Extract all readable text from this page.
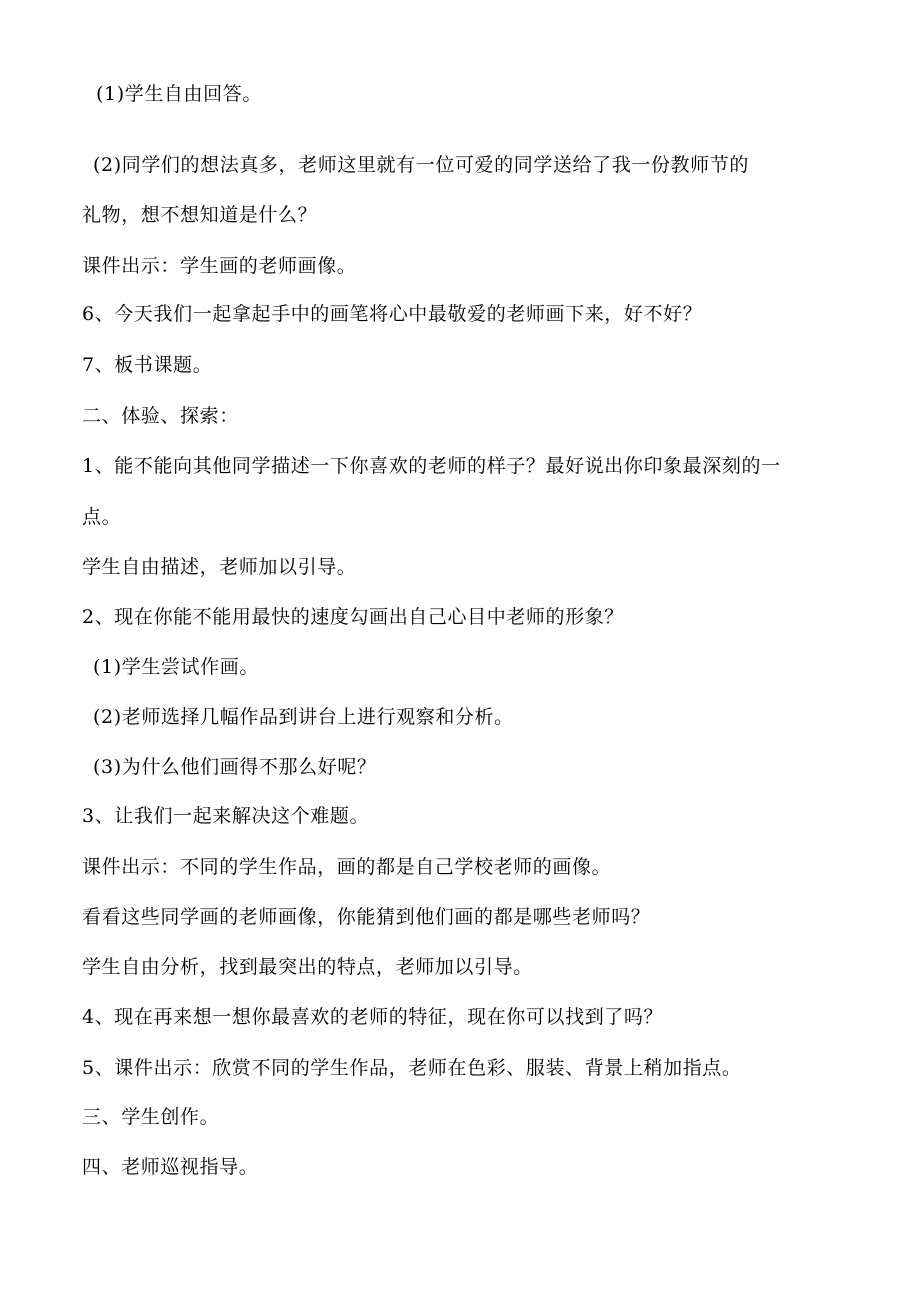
(1)学生自由回答。
(2)同学们的想法真多，老师这里就有一位可爱的同学送给了我一份教师节的
礼物，想不想知道是什么？
课件出示：学生画的老师画像。
6、今天我们一起拿起手中的画笔将心中最敬爱的老师画下来，好不好？
7、板书课题。
二、体验、探索：
1、能不能向其他同学描述一下你喜欢的老师的样子？最好说出你印象最深刻的一
点。
学生自由描述，老师加以引导。
2、现在你能不能用最快的速度勾画出自己心目中老师的形象？
(1)学生尝试作画。
(2)老师选择几幅作品到讲台上进行观察和分析。
(3)为什么他们画得不那么好呢？
3、让我们一起来解决这个难题。
课件出示：不同的学生作品，画的都是自己学校老师的画像。
看看这些同学画的老师画像，你能猜到他们画的都是哪些老师吗？
学生自由分析，找到最突出的特点，老师加以引导。
4、现在再来想一想你最喜欢的老师的特征，现在你可以找到了吗？
5、课件出示：欣赏不同的学生作品，老师在色彩、服装、背景上稍加指点。
三、学生创作。
四、老师巡视指导。
